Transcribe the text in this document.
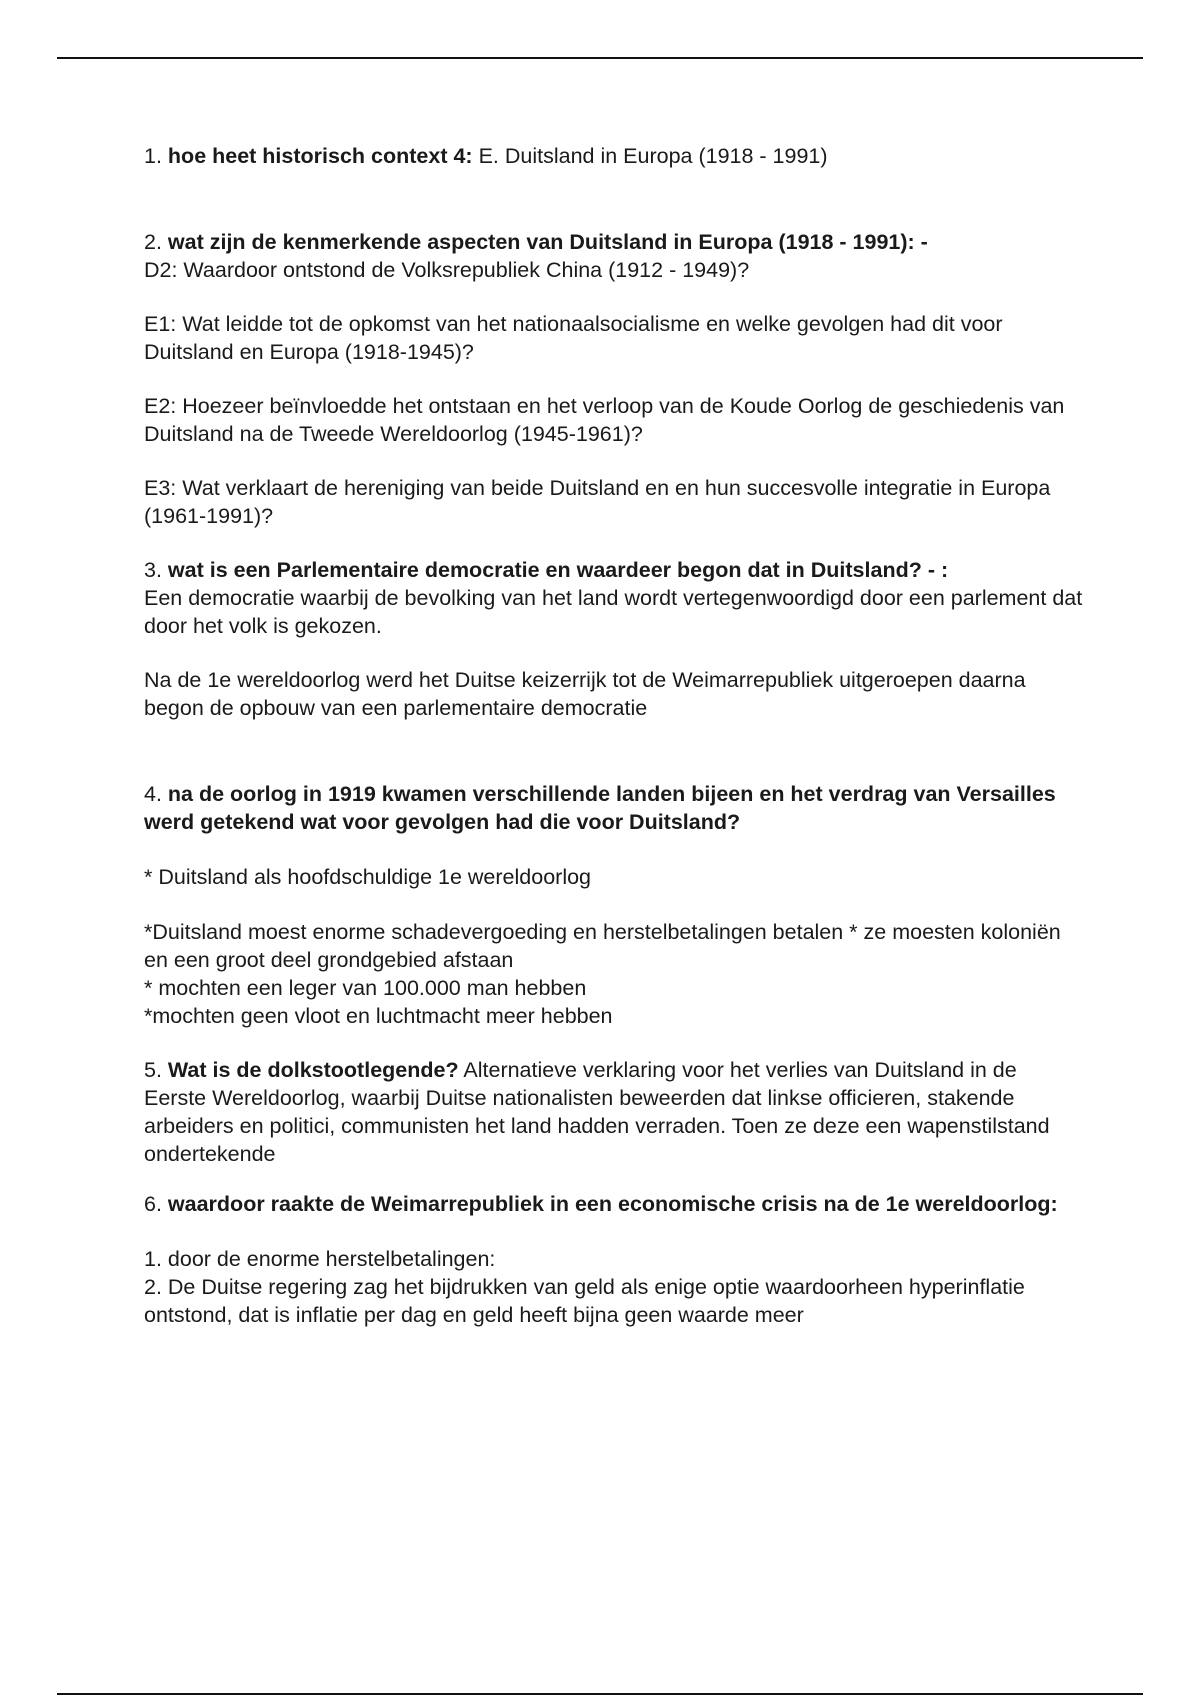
1. hoe heet historisch context 4: E. Duitsland in Europa (1918 - 1991)

2. wat zijn de kenmerkende aspecten van Duitsland in Europa (1918 - 1991): -

D2: Waardoor ontstond de Volksrepubliek China (1912 - 1949)?

E1: Wat leidde tot de opkomst van het nationaalsocialisme en welke gevolgen had dit voor Duitsland en Europa (1918-1945)?

E2: Hoezeer beïnvloedde het ontstaan en het verloop van de Koude Oorlog de geschiedenis van Duitsland na de Tweede Wereldoorlog (1945-1961)?

E3: Wat verklaart de hereniging van beide Duitsland en en hun succesvolle integratie in Europa (1961-1991)?

3. wat is een Parlementaire democratie en waardeer begon dat in Duitsland? - :

Een democratie waarbij de bevolking van het land wordt vertegenwoordigd door een parlement dat door het volk is gekozen.

Na de 1e wereldoorlog werd het Duitse keizerrijk tot de Weimarrepubliek uitgeroepen daarna begon de opbouw van een parlementaire democratie

4. na de oorlog in 1919 kwamen verschillende landen bijeen en het verdrag van Versailles werd getekend wat voor gevolgen had die voor Duitsland?

* Duitsland als hoofdschuldige 1e wereldoorlog

*Duitsland moest enorme schadevergoeding en herstelbetalingen betalen * ze moesten koloniën en een groot deel grondgebied afstaan

* mochten een leger van 100.000 man hebben

*mochten geen vloot en luchtmacht meer hebben

5. Wat is de dolkstootlegende? Alternatieve verklaring voor het verlies van Duitsland in de Eerste Wereldoorlog, waarbij Duitse nationalisten beweerden dat linkse officieren, stakende arbeiders en politici, communisten het land hadden verraden. Toen ze deze een wapenstilstand ondertekende

6. waardoor raakte de Weimarrepubliek in een economische crisis na de 1e wereldoorlog:

1. door de enorme herstelbetalingen:

2. De Duitse regering zag het bijdrukken van geld als enige optie waardoorheen hyperinflatie ontstond, dat is inflatie per dag en geld heeft bijna geen waarde meer
